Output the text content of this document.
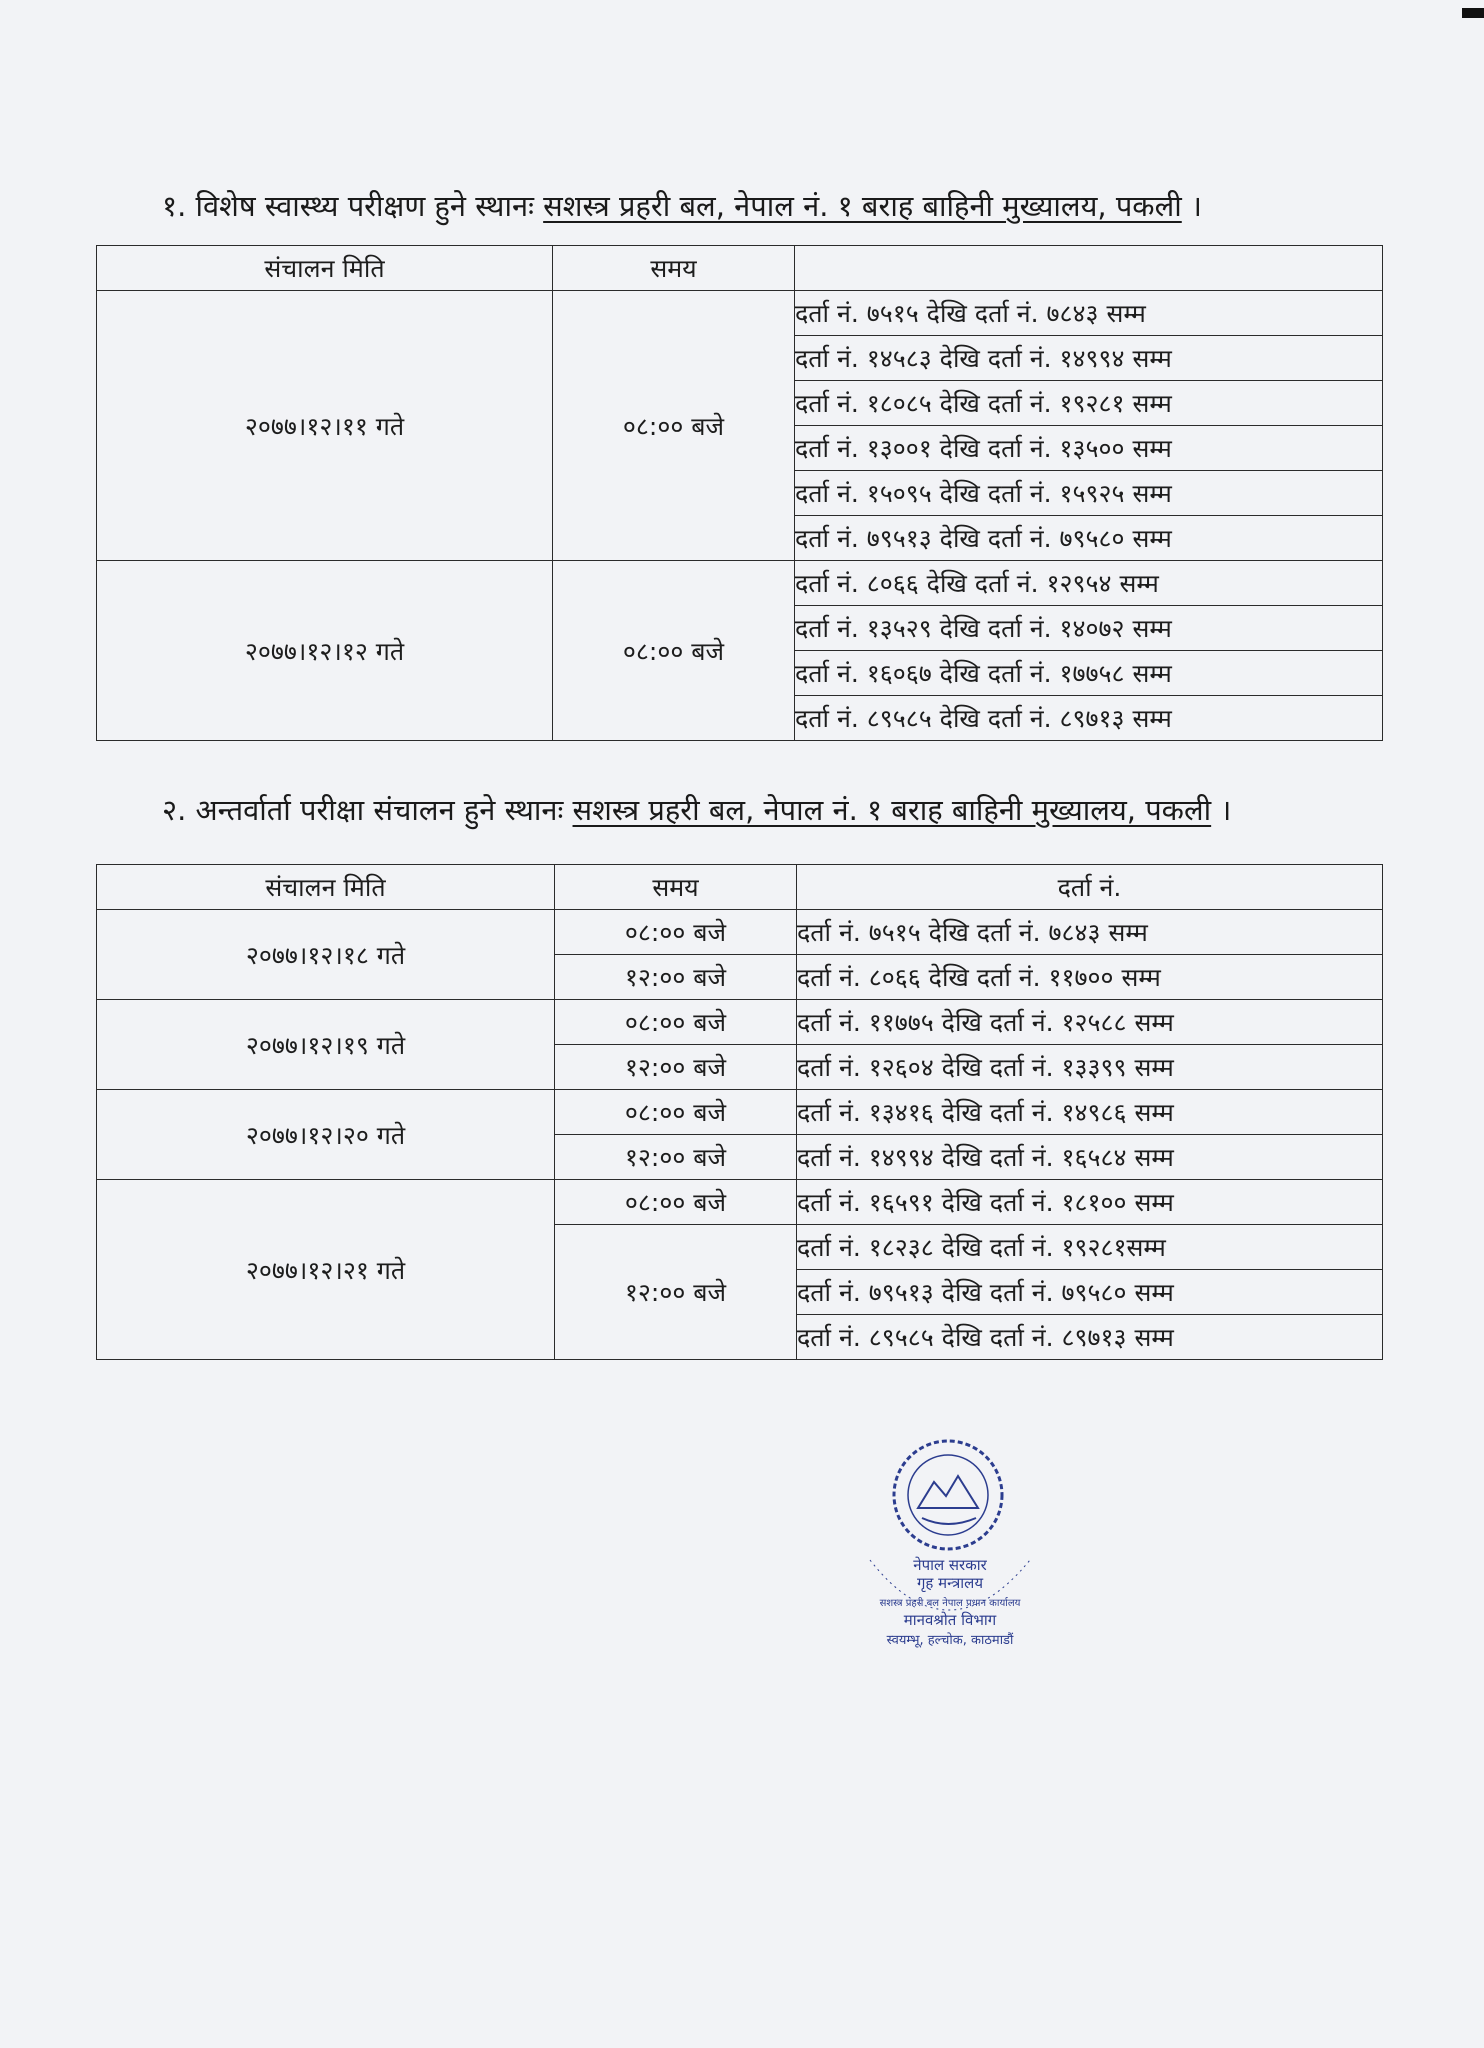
१. विशेष स्वास्थ्य परीक्षण हुने स्थानः सशस्त्र प्रहरी बल, नेपाल नं. १ बराह बाहिनी मुख्यालय, पकली ।
संचालन मिति	समय	
२०७७।१२।११ गते	०८:०० बजे	दर्ता नं. ७५१५ देखि दर्ता नं. ७८४३ सम्म
		दर्ता नं. १४५८३ देखि दर्ता नं. १४९९४ सम्म
		दर्ता नं. १८०८५ देखि दर्ता नं. १९२८१ सम्म
		दर्ता नं. १३००१ देखि दर्ता नं. १३५०० सम्म
		दर्ता नं. १५०९५ देखि दर्ता नं. १५९२५ सम्म
		दर्ता नं. ७९५१३ देखि दर्ता नं. ७९५८० सम्म
२०७७।१२।१२ गते	०८:०० बजे	दर्ता नं. ८०६६ देखि दर्ता नं. १२९५४ सम्म
		दर्ता नं. १३५२९ देखि दर्ता नं. १४०७२ सम्म
		दर्ता नं. १६०६७ देखि दर्ता नं. १७७५८ सम्म
		दर्ता नं. ८९५८५ देखि दर्ता नं. ८९७१३ सम्म
२. अन्तर्वार्ता परीक्षा संचालन हुने स्थानः सशस्त्र प्रहरी बल, नेपाल नं. १ बराह बाहिनी मुख्यालय, पकली ।
संचालन मिति	समय	दर्ता नं.
२०७७।१२।१८ गते	०८:०० बजे	दर्ता नं. ७५१५ देखि दर्ता नं. ७८४३ सम्म
	१२:०० बजे	दर्ता नं. ८०६६ देखि दर्ता नं. ११७०० सम्म
२०७७।१२।१९ गते	०८:०० बजे	दर्ता नं. ११७७५ देखि दर्ता नं. १२५८८ सम्म
	१२:०० बजे	दर्ता नं. १२६०४ देखि दर्ता नं. १३३९९ सम्म
२०७७।१२।२० गते	०८:०० बजे	दर्ता नं. १३४१६ देखि दर्ता नं. १४९८६ सम्म
	१२:०० बजे	दर्ता नं. १४९९४ देखि दर्ता नं. १६५८४ सम्म
२०७७।१२।२१ गते	०८:०० बजे	दर्ता नं. १६५९१ देखि दर्ता नं. १८१०० सम्म
	१२:०० बजे	दर्ता नं. १८२३८ देखि दर्ता नं. १९२८१सम्म
		दर्ता नं. ७९५१३ देखि दर्ता नं. ७९५८० सम्म
		दर्ता नं. ८९५८५ देखि दर्ता नं. ८९७१३ सम्म
नेपाल सरकार
गृह मन्त्रालय
सशस्त्र प्रहरी बल नेपाल प्रधान कार्यालय
मानवश्रोत विभाग
स्वयम्भू, हल्चोक, काठमाडौं
